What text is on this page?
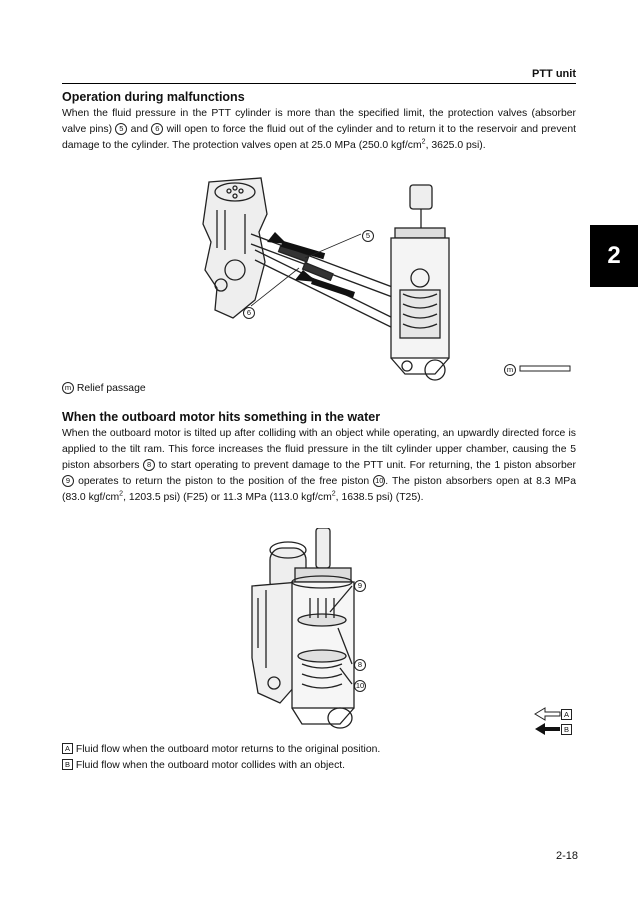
PTT unit
2
Operation during malfunctions
When the fluid pressure in the PTT cylinder is more than the specified limit, the protection valves (absorber valve pins) 5 and 6 will open to force the fluid out of the cylinder and to return it to the reservoir and prevent damage to the cylinder. The protection valves open at 25.0 MPa (250.0 kgf/$cm^2$, 3625.0 psi).
5
6
m
m Relief passage
When the outboard motor hits something in the water
When the outboard motor is tilted up after colliding with an object while operating, an upwardly directed force is applied to the tilt ram. This force increases the fluid pressure in the tilt cylinder upper chamber, causing the 5 piston absorbers 8 to start operating to prevent damage to the PTT unit. For returning, the 1 piston absorber 9 operates to return the piston to the position of the free piston 10 . The piston absorbers open at 8.3 MPa (83.0 kgf/$cm^2$, 1203.5 psi) (F25) or 11.3 MPa (113.0 kgf/$cm^2$, 1638.5 psi) (T25).
9
8
10
A
B
A Fluid flow when the outboard motor returns to the original position.
B Fluid flow when the outboard motor collides with an object.
2-18
